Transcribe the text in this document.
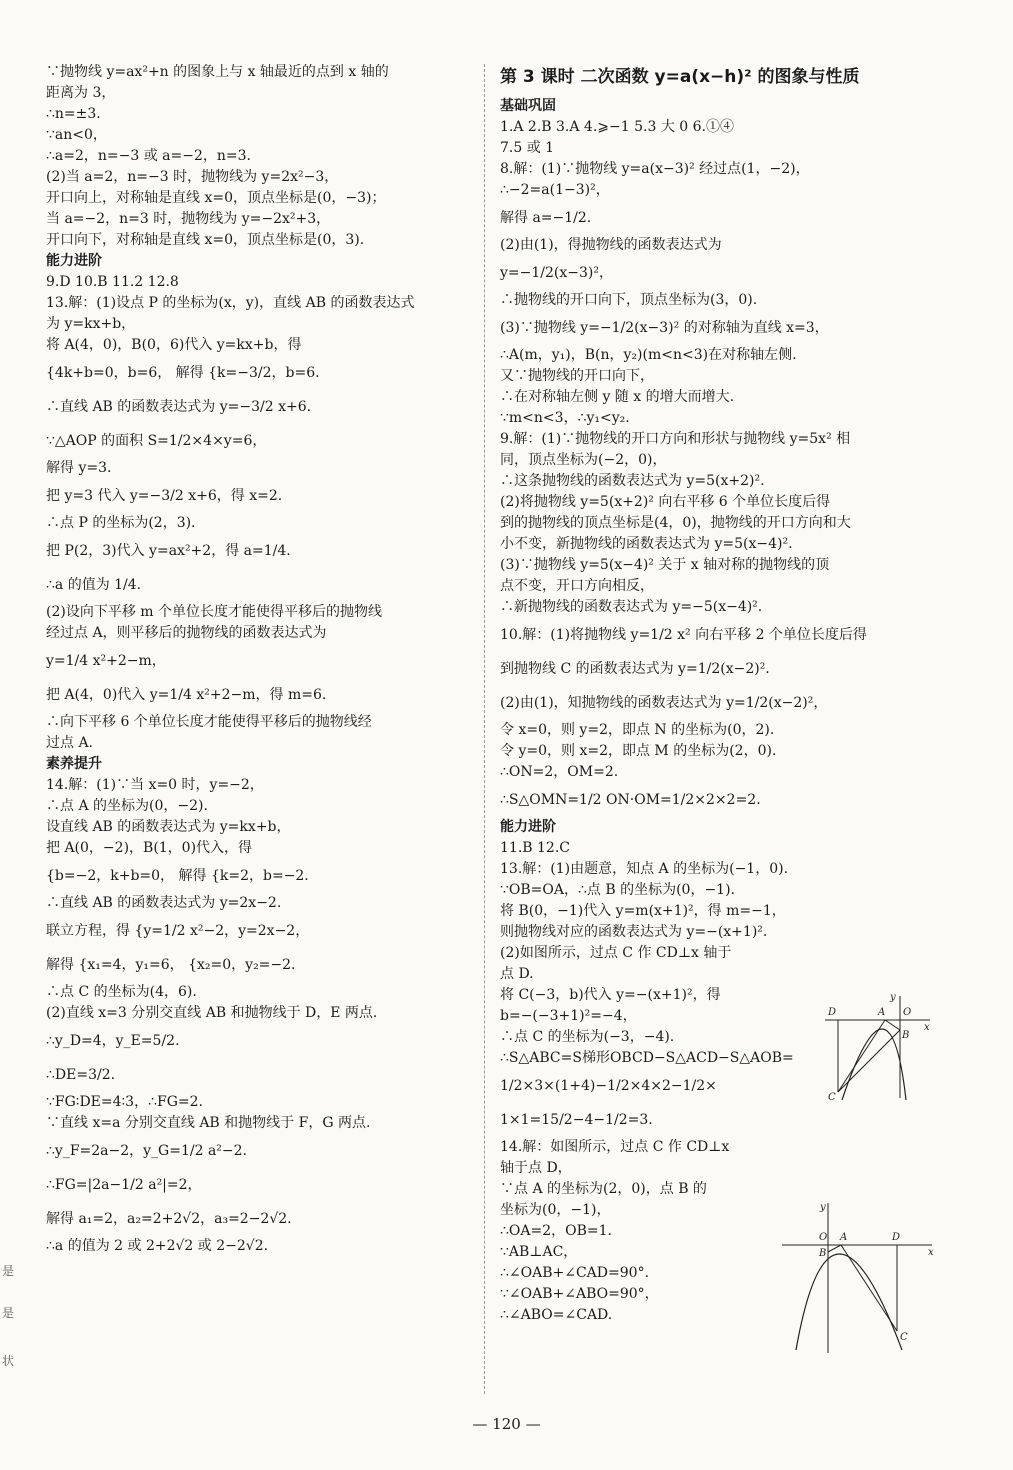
∵抛物线 y=ax²+n 的图象上与 x 轴最近的点到 x 轴的
距离为 3，
∴n=±3.
∵an<0，
∴a=2，n=−3 或 a=−2，n=3.
(2)当 a=2，n=−3 时，抛物线为 y=2x²−3，
开口向上，对称轴是直线 x=0，顶点坐标是(0，−3)；
当 a=−2，n=3 时，抛物线为 y=−2x²+3，
开口向下，对称轴是直线 x=0，顶点坐标是(0，3).
能力进阶
9.D 10.B 11.2 12.8
13.解：(1)设点 P 的坐标为(x，y)，直线 AB 的函数表达式
为 y=kx+b，
将 A(4，0)，B(0，6)代入 y=kx+b，得
{4k+b=0，b=6， 解得 {k=−3/2，b=6.
∴直线 AB 的函数表达式为 y=−3/2 x+6.
∵△AOP 的面积 S=1/2×4×y=6，
解得 y=3.
把 y=3 代入 y=−3/2 x+6，得 x=2.
∴点 P 的坐标为(2，3).
把 P(2，3)代入 y=ax²+2，得 a=1/4.
∴a 的值为 1/4.
(2)设向下平移 m 个单位长度才能使得平移后的抛物线
经过点 A，则平移后的抛物线的函数表达式为
y=1/4 x²+2−m，
把 A(4，0)代入 y=1/4 x²+2−m，得 m=6.
∴向下平移 6 个单位长度才能使得平移后的抛物线经
过点 A.
素养提升
14.解：(1)∵当 x=0 时，y=−2，
∴点 A 的坐标为(0，−2).
设直线 AB 的函数表达式为 y=kx+b，
把 A(0，−2)，B(1，0)代入，得
{b=−2，k+b=0， 解得 {k=2，b=−2.
∴直线 AB 的函数表达式为 y=2x−2.
联立方程，得 {y=1/2 x²−2，y=2x−2，
解得 {x₁=4，y₁=6， {x₂=0，y₂=−2.
∴点 C 的坐标为(4，6).
(2)直线 x=3 分别交直线 AB 和抛物线于 D，E 两点.
∴y_D=4，y_E=5/2.
∴DE=3/2.
∵FG∶DE=4∶3，∴FG=2.
∵直线 x=a 分别交直线 AB 和抛物线于 F，G 两点.
∴y_F=2a−2，y_G=1/2 a²−2.
∴FG=|2a−1/2 a²|=2，
解得 a₁=2，a₂=2+2√2，a₃=2−2√2.
∴a 的值为 2 或 2+2√2 或 2−2√2.
第 3 课时 二次函数 y=a(x−h)² 的图象与性质
基础巩固
1.A 2.B 3.A 4.⩾−1 5.3 大 0 6.①④
7.5 或 1
8.解：(1)∵抛物线 y=a(x−3)² 经过点(1，−2)，
∴−2=a(1−3)²，
解得 a=−1/2.
(2)由(1)，得抛物线的函数表达式为
y=−1/2(x−3)²，
∴抛物线的开口向下，顶点坐标为(3，0).
(3)∵抛物线 y=−1/2(x−3)² 的对称轴为直线 x=3，
∴A(m，y₁)，B(n，y₂)(m<n<3)在对称轴左侧.
又∵抛物线的开口向下，
∴在对称轴左侧 y 随 x 的增大而增大.
∵m<n<3，∴y₁<y₂.
9.解：(1)∵抛物线的开口方向和形状与抛物线 y=5x² 相
同，顶点坐标为(−2，0)，
∴这条抛物线的函数表达式为 y=5(x+2)².
(2)将抛物线 y=5(x+2)² 向右平移 6 个单位长度后得
到的抛物线的顶点坐标是(4，0)，抛物线的开口方向和大
小不变，新抛物线的函数表达式为 y=5(x−4)².
(3)∵抛物线 y=5(x−4)² 关于 x 轴对称的抛物线的顶
点不变，开口方向相反，
∴新抛物线的函数表达式为 y=−5(x−4)².
10.解：(1)将抛物线 y=1/2 x² 向右平移 2 个单位长度后得
到抛物线 C 的函数表达式为 y=1/2(x−2)².
(2)由(1)，知抛物线的函数表达式为 y=1/2(x−2)²，
令 x=0，则 y=2，即点 N 的坐标为(0，2).
令 y=0，则 x=2，即点 M 的坐标为(2，0).
∴ON=2，OM=2.
∴S△OMN=1/2 ON·OM=1/2×2×2=2.
能力进阶
11.B 12.C
13.解：(1)由题意，知点 A 的坐标为(−1，0).
∵OB=OA，∴点 B 的坐标为(0，−1).
将 B(0，−1)代入 y=m(x+1)²，得 m=−1，
则抛物线对应的函数表达式为 y=−(x+1)².
(2)如图所示，过点 C 作 CD⊥x 轴于
点 D.
将 C(−3，b)代入 y=−(x+1)²，得
b=−(−3+1)²=−4，
∴点 C 的坐标为(−3，−4).
∴S△ABC=S梯形OBCD−S△ACD−S△AOB=
1/2×3×(1+4)−1/2×4×2−1/2×
1×1=15/2−4−1/2=3.
14.解：如图所示，过点 C 作 CD⊥x
轴于点 D，
∵点 A 的坐标为(2，0)，点 B 的
坐标为(0，−1)，
∴OA=2，OB=1.
∵AB⊥AC，
∴∠OAB+∠CAD=90°.
∵∠OAB+∠ABO=90°，
∴∠ABO=∠CAD.
D
y
A O
x
B
C
y
O A	D
B	x
C
— 120 —
是
是
状
